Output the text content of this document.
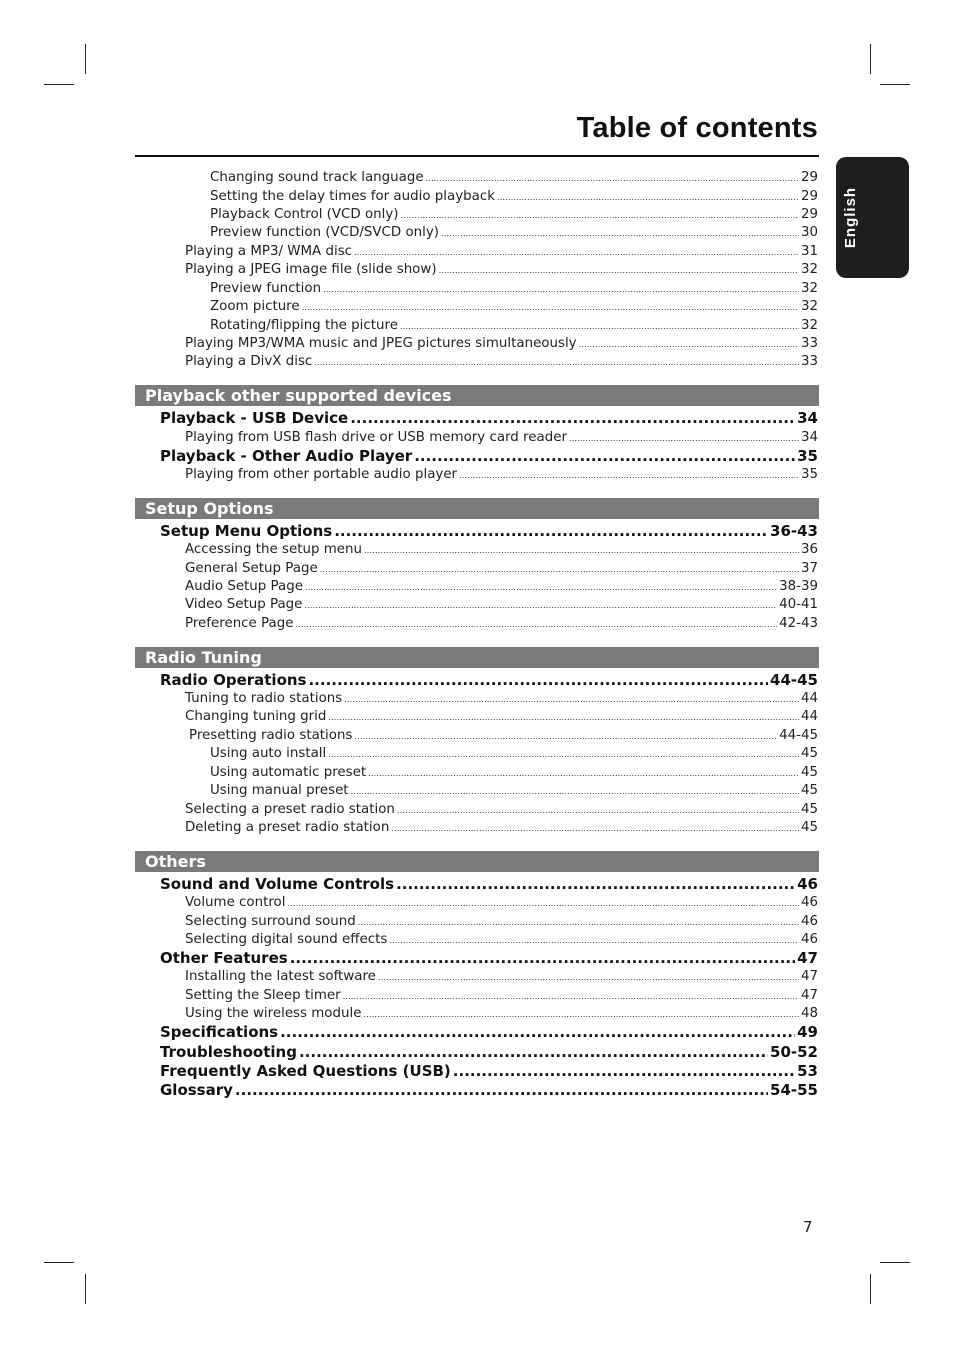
Table of contents
English
Changing sound track language .....	29
Setting the delay times for audio playback .....	29
Playback Control (VCD only) .....	29
Preview function (VCD/SVCD only) .....	30
Playing a MP3/ WMA disc .....	31
Playing a JPEG image file (slide show) .....	32
Preview function .....	32
Zoom picture .....	32
Rotating/flipping the picture .....	32
Playing MP3/WMA music and JPEG pictures simultaneously .....	33
Playing a DivX disc .....	33
Playback other supported devices
Playback - USB Device .....	34
Playing from USB flash drive or USB memory card reader .....	34
Playback - Other Audio Player .....	35
Playing from other portable audio player .....	35
Setup Options
Setup Menu Options .....	36-43
Accessing the setup menu .....	36
General Setup Page .....	37
Audio Setup Page .....	38-39
Video Setup Page .....	40-41
Preference Page .....	42-43
Radio Tuning
Radio Operations .....	44-45
Tuning to radio stations .....	44
Changing tuning grid .....	44
Presetting radio stations .....	44-45
Using auto install .....	45
Using automatic preset .....	45
Using manual preset .....	45
Selecting a preset radio station .....	45
Deleting a preset radio station .....	45
Others
Sound and Volume Controls .....	46
Volume control .....	46
Selecting surround sound .....	46
Selecting digital sound effects .....	46
Other Features .....	47
Installing the latest software .....	47
Setting the Sleep timer .....	47
Using the wireless module .....	48
Specifications .....	49
Troubleshooting .....	50-52
Frequently Asked Questions (USB) .....	53
Glossary .....	54-55
7
